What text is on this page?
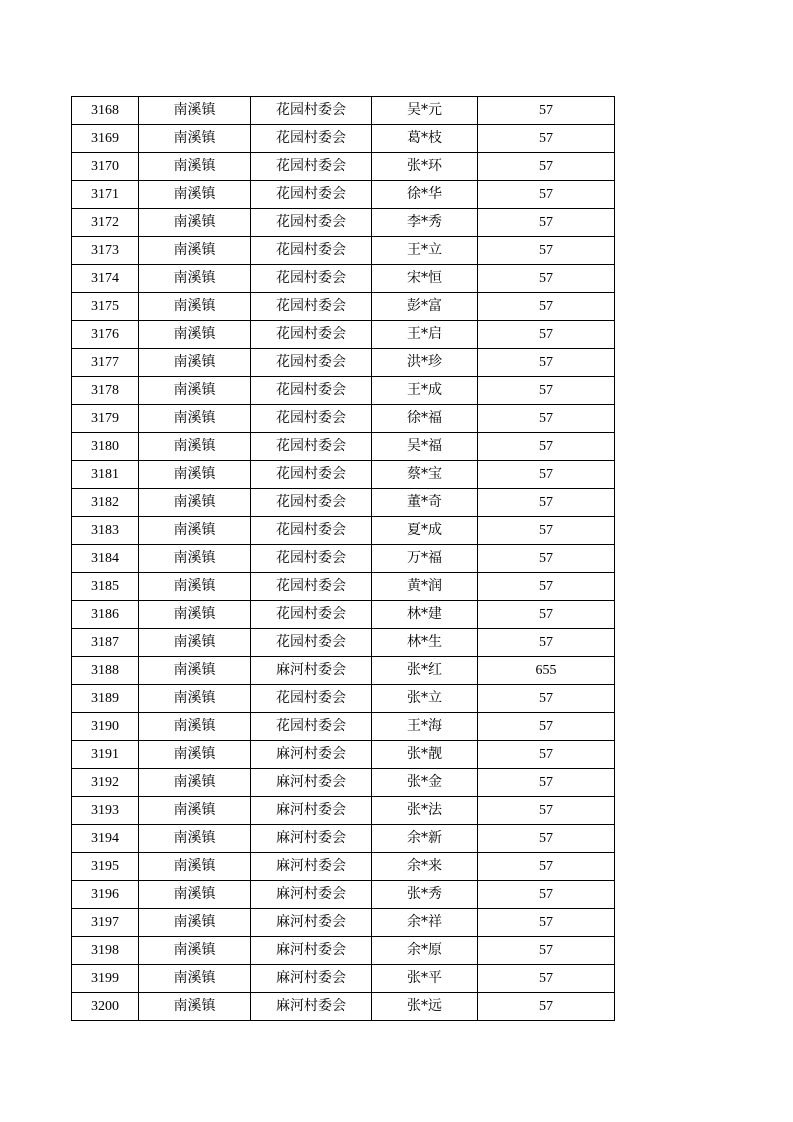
3168	南溪镇	花园村委会	吴*元	57
3169	南溪镇	花园村委会	葛*枝	57
3170	南溪镇	花园村委会	张*环	57
3171	南溪镇	花园村委会	徐*华	57
3172	南溪镇	花园村委会	李*秀	57
3173	南溪镇	花园村委会	王*立	57
3174	南溪镇	花园村委会	宋*恒	57
3175	南溪镇	花园村委会	彭*富	57
3176	南溪镇	花园村委会	王*启	57
3177	南溪镇	花园村委会	洪*珍	57
3178	南溪镇	花园村委会	王*成	57
3179	南溪镇	花园村委会	徐*福	57
3180	南溪镇	花园村委会	吴*福	57
3181	南溪镇	花园村委会	蔡*宝	57
3182	南溪镇	花园村委会	董*奇	57
3183	南溪镇	花园村委会	夏*成	57
3184	南溪镇	花园村委会	万*福	57
3185	南溪镇	花园村委会	黄*润	57
3186	南溪镇	花园村委会	林*建	57
3187	南溪镇	花园村委会	林*生	57
3188	南溪镇	麻河村委会	张*红	655
3189	南溪镇	花园村委会	张*立	57
3190	南溪镇	花园村委会	王*海	57
3191	南溪镇	麻河村委会	张*靓	57
3192	南溪镇	麻河村委会	张*金	57
3193	南溪镇	麻河村委会	张*法	57
3194	南溪镇	麻河村委会	余*新	57
3195	南溪镇	麻河村委会	余*来	57
3196	南溪镇	麻河村委会	张*秀	57
3197	南溪镇	麻河村委会	余*祥	57
3198	南溪镇	麻河村委会	余*原	57
3199	南溪镇	麻河村委会	张*平	57
3200	南溪镇	麻河村委会	张*远	57
